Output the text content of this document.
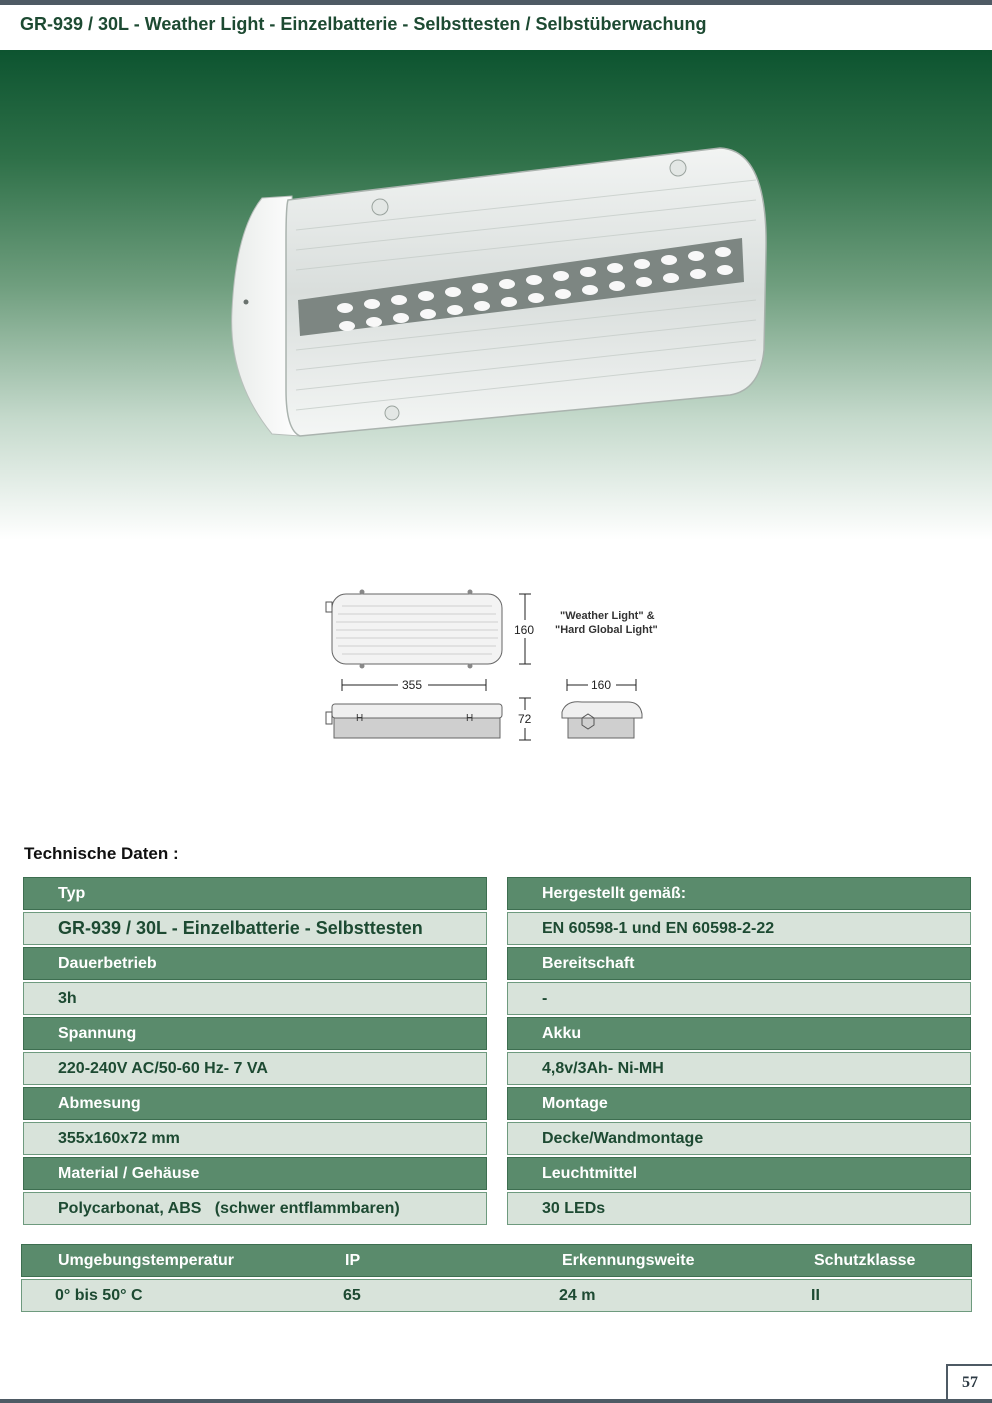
GR-939 / 30L - Weather Light - Einzelbatterie - Selbsttesten / Selbstüberwachung
160
"Weather Light" &
"Hard Global Light"
355	160
H	H	72
Technische Daten :
Typ
GR-939 / 30L - Einzelbatterie - Selbsttesten
Dauerbetrieb
3h
Spannung
220-240V AC/50-60 Hz- 7 VA
Abmesung
355x160x72 mm
Material / Gehäuse
Polycarbonat, ABS   (schwer entflammbaren)
Hergestellt gemäß:
EN 60598-1 und EN 60598-2-22
Bereitschaft
-
Akku
4,8v/3Ah- Ni-MH
Montage
Decke/Wandmontage
Leuchtmittel
30 LEDs
Umgebungstemperatur	IP	Erkennungsweite	Schutzklasse
0° bis 50° C	65	24 m	II
57
